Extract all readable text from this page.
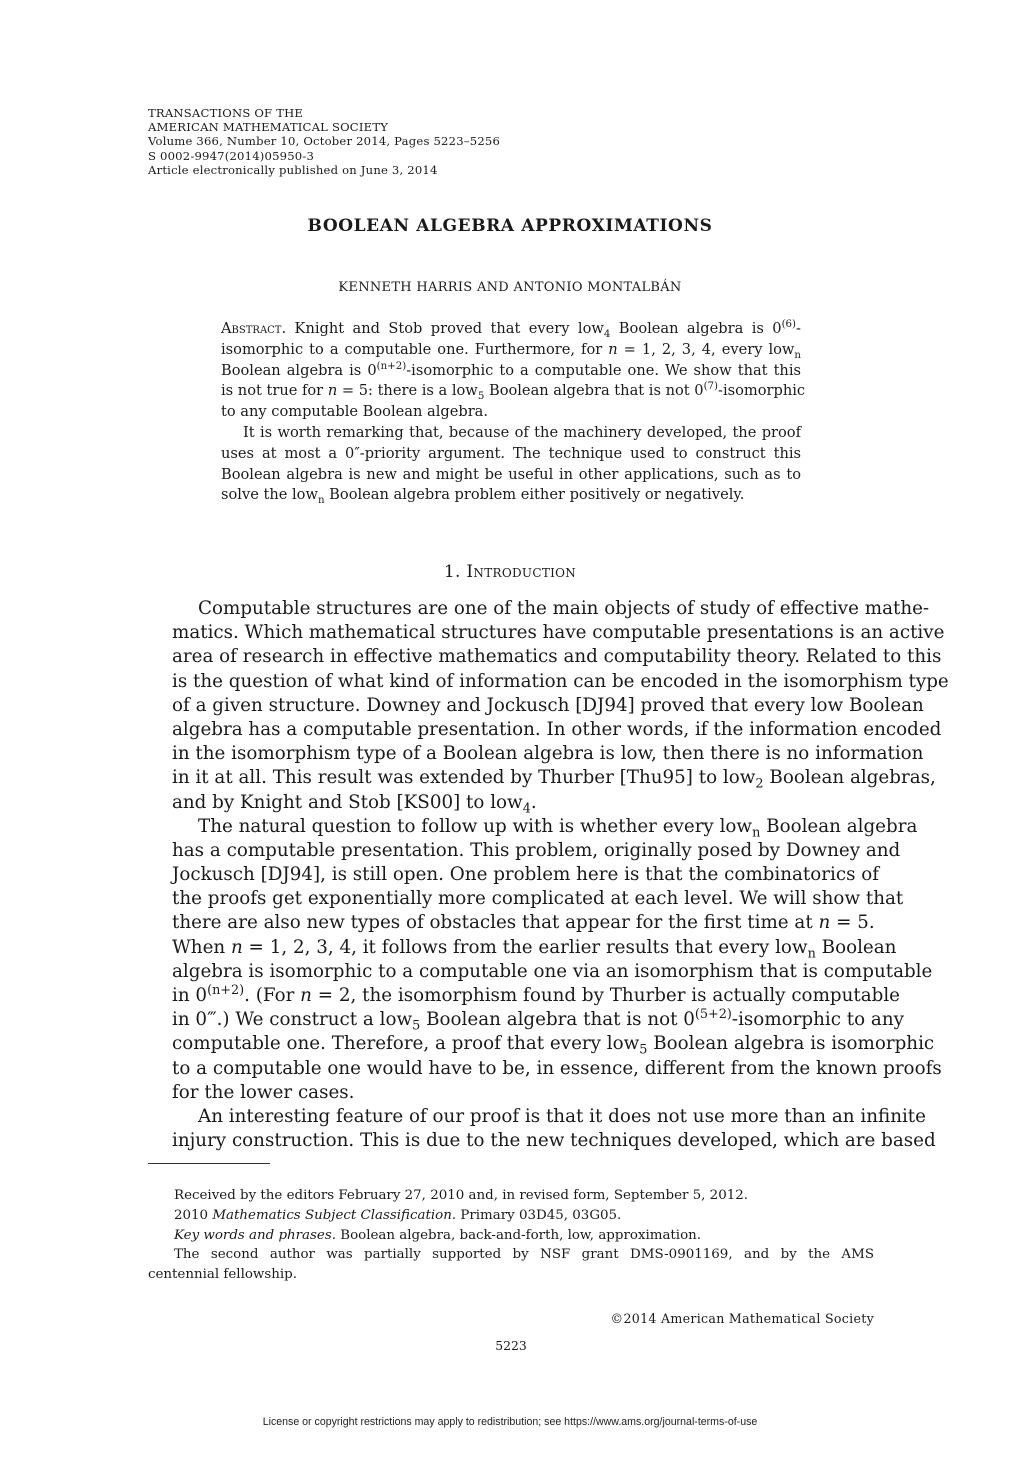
TRANSACTIONS OF THE
AMERICAN MATHEMATICAL SOCIETY
Volume 366, Number 10, October 2014, Pages 5223–5256
S 0002-9947(2014)05950-3
Article electronically published on June 3, 2014
BOOLEAN ALGEBRA APPROXIMATIONS
KENNETH HARRIS AND ANTONIO MONTALBÁN
Abstract. Knight and Stob proved that every low$_4$ Boolean algebra is 0$^{(6)}$-
isomorphic to a computable one. Furthermore, for n = 1, 2, 3, 4, every low$_n$
Boolean algebra is $0^{(n+2)}$-isomorphic to a computable one. We show that this
is not true for n = 5: there is a low$_5$ Boolean algebra that is not 0$^{(7)}$-isomorphic
to any computable Boolean algebra.
It is worth remarking that, because of the machinery developed, the proof
uses at most a 0″-priority argument. The technique used to construct this
Boolean algebra is new and might be useful in other applications, such as to
solve the low$_n$ Boolean algebra problem either positively or negatively.
1. Introduction
Computable structures are one of the main objects of study of effective mathe-
matics. Which mathematical structures have computable presentations is an active
area of research in effective mathematics and computability theory. Related to this
is the question of what kind of information can be encoded in the isomorphism type
of a given structure. Downey and Jockusch [DJ94] proved that every low Boolean
algebra has a computable presentation. In other words, if the information encoded
in the isomorphism type of a Boolean algebra is low, then there is no information
in it at all. This result was extended by Thurber [Thu95] to low$_2$ Boolean algebras,
and by Knight and Stob [KS00] to low$_4$.
The natural question to follow up with is whether every low$_n$ Boolean algebra
has a computable presentation. This problem, originally posed by Downey and
Jockusch [DJ94], is still open. One problem here is that the combinatorics of
the proofs get exponentially more complicated at each level. We will show that
there are also new types of obstacles that appear for the first time at n = 5.
When n = 1, 2, 3, 4, it follows from the earlier results that every low$_n$ Boolean
algebra is isomorphic to a computable one via an isomorphism that is computable
in $0^{(n+2)}$. (For n = 2, the isomorphism found by Thurber is actually computable
in 0‴.) We construct a low$_5$ Boolean algebra that is not $0^{(5+2)}$-isomorphic to any
computable one. Therefore, a proof that every low$_5$ Boolean algebra is isomorphic
to a computable one would have to be, in essence, different from the known proofs
for the lower cases.
An interesting feature of our proof is that it does not use more than an infinite
injury construction. This is due to the new techniques developed, which are based
Received by the editors February 27, 2010 and, in revised form, September 5, 2012.
2010 Mathematics Subject Classification. Primary 03D45, 03G05.
Key words and phrases. Boolean algebra, back-and-forth, low, approximation.
The second author was partially supported by NSF grant DMS-0901169, and by the AMS
centennial fellowship.
©2014 American Mathematical Society
5223
License or copyright restrictions may apply to redistribution; see https://www.ams.org/journal-terms-of-use
